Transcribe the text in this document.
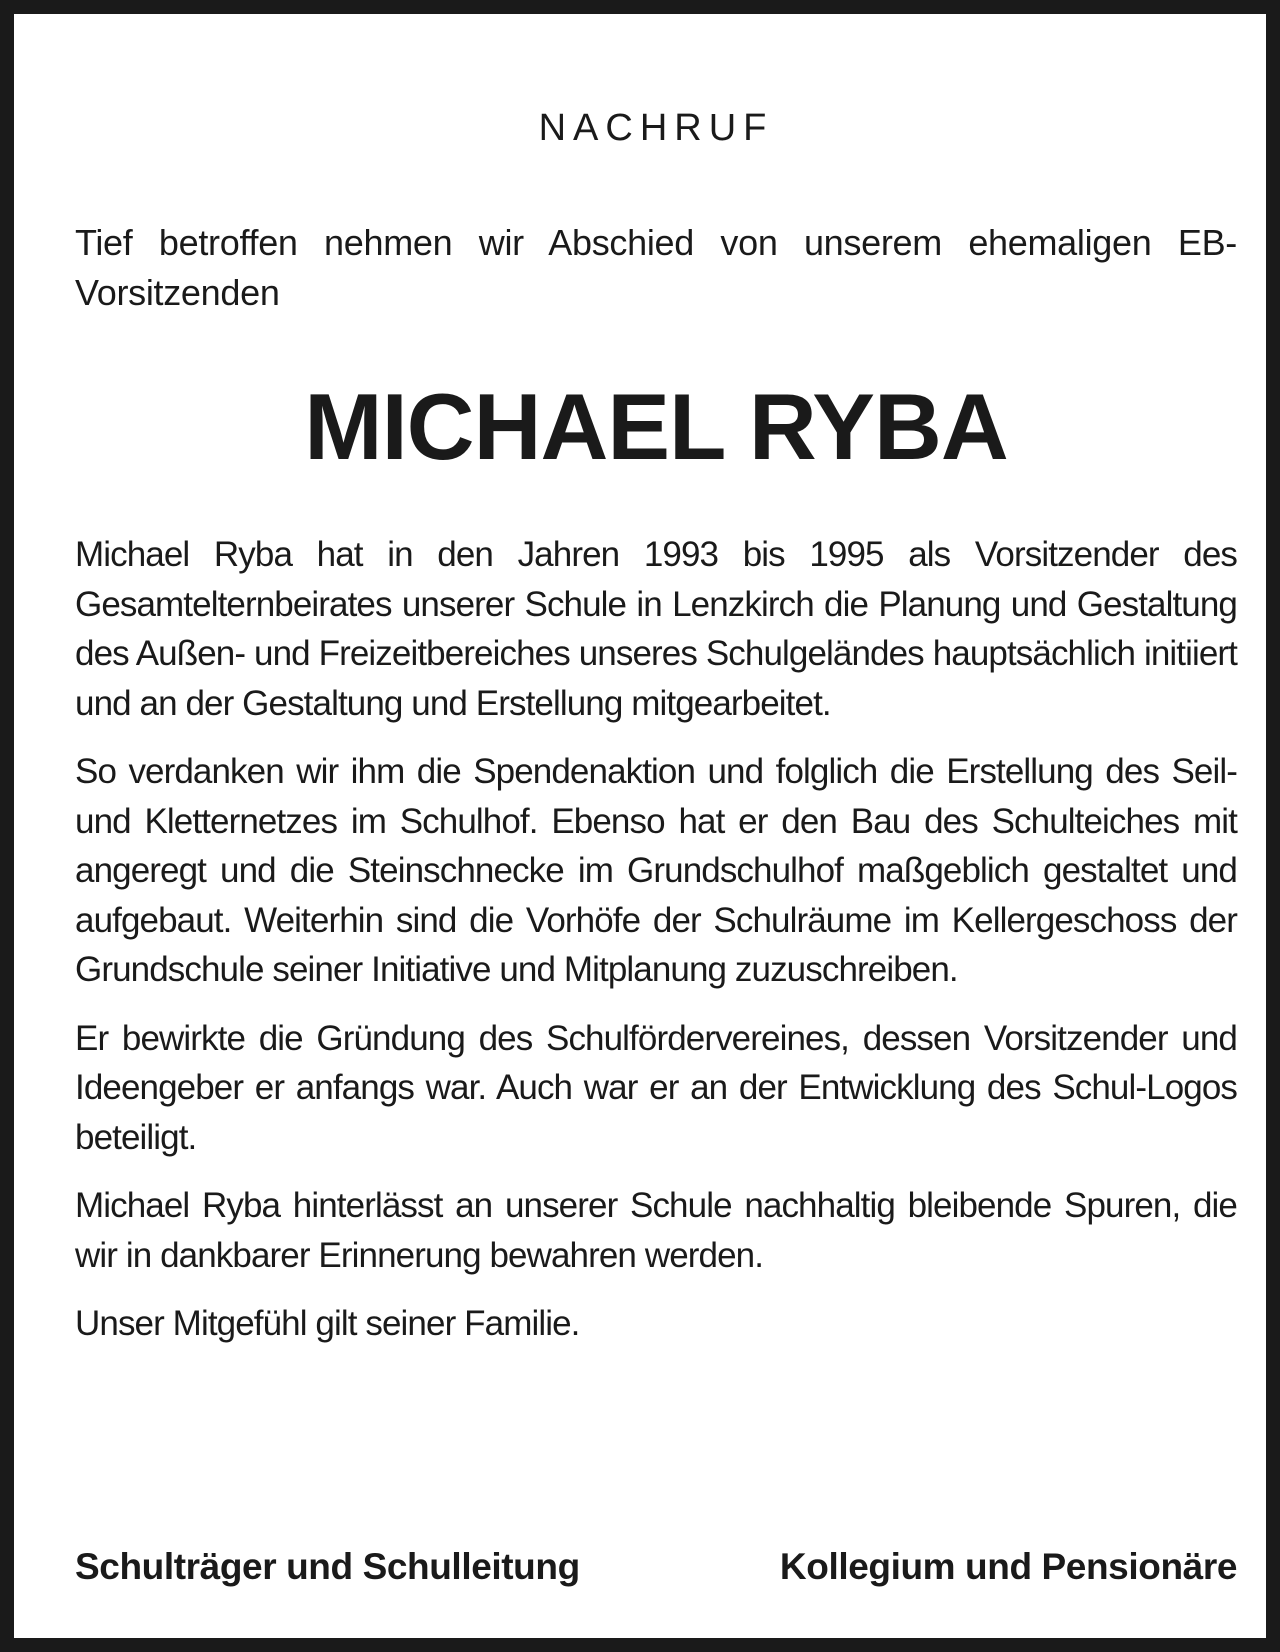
NACHRUF
Tief betroffen nehmen wir Abschied von unserem ehemaligen EB-Vorsitzenden
MICHAEL RYBA

Michael Ryba hat in den Jahren 1993 bis 1995 als Vorsitzender des Gesamtelternbeirates unserer Schule in Lenzkirch die Planung und Gestaltung des Außen- und Freizeitbereiches unseres Schulgeländes hauptsächlich initiiert und an der Gestaltung und Erstellung mitgearbeitet.

So verdanken wir ihm die Spendenaktion und folglich die Erstellung des Seil- und Kletternetzes im Schulhof. Ebenso hat er den Bau des Schulteiches mit angeregt und die Steinschnecke im Grundschulhof maßgeblich gestaltet und aufgebaut. Weiterhin sind die Vorhöfe der Schulräume im Kellergeschoss der Grundschule seiner Initiative und Mitplanung zuzuschreiben.

Er bewirkte die Gründung des Schulfördervereines, dessen Vorsitzender und Ideengeber er anfangs war. Auch war er an der Entwicklung des Schul-Logos beteiligt.

Michael Ryba hinterlässt an unserer Schule nachhaltig bleibende Spuren, die wir in dankbarer Erinnerung bewahren werden.

Unser Mitgefühl gilt seiner Familie.

Schulträger und Schulleitung	Kollegium und Pensionäre
